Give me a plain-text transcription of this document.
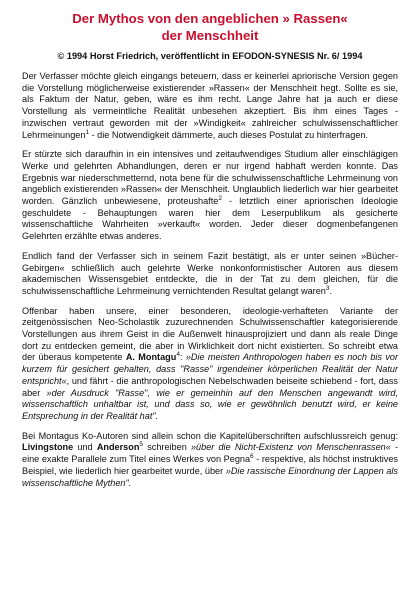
Der Mythos von den angeblichen » Rassen«
der Menschheit
© 1994 Horst Friedrich, veröffentlicht in EFODON-SYNESIS Nr. 6/ 1994

Der Verfasser möchte gleich eingangs beteuern, dass er keinerlei apriorische Version gegen die Vorstellung möglicherweise existierender »Rassen« der Menschheit hegt. Sollte es sie, als Faktum der Natur, geben, wäre es ihm recht. Lange Jahre hat ja auch er diese Vorstellung als vermeintliche Realität unbesehen akzeptiert. Bis ihm eines Tages - inzwischen vertraut geworden mit der »Windigkeit« zahlreicher schulwissenschaftlicher Lehrmeinungen$^1$ - die Notwendigkeit dämmerte, auch dieses Postulat zu hinterfragen.

Er stürzte sich daraufhin in ein intensives und zeitaufwendiges Studium aller einschlägigen Werke und gelehrten Abhandlungen, deren er nur irgend habhaft werden konnte. Das Ergebnis war niederschmetternd, nota bene für die schulwissenschaftliche Lehrmeinung von angeblich existierenden »Rassen« der Menschheit. Unglaublich liederlich war hier gearbeitet worden. Gänzlich unbewiesene, proteushafte$^2$ - letztlich einer apriorischen Ideologie geschuldete - Behauptungen waren hier dem Leserpublikum als gesicherte wissenschaftliche Wahrheiten »verkauft« worden. Jeder dieser dogmenbefangenen Gelehrten erzählte etwas anderes.

Endlich fand der Verfasser sich in seinem Fazit bestätigt, als er unter seinen »Bücher-Gebirgen« schließlich auch gelehrte Werke nonkonformistischer Autoren aus diesem akademischen Wissensgebiet entdeckte, die in der Tat zu dem gleichen, für die schulwissenschaftliche Lehrmeinung vernichtenden Resultat gelangt waren$^3$.

Offenbar haben unsere, einer besonderen, ideologie-verhafteten Variante der zeitgenössischen Neo-Scholastik zuzurechnenden Schulwissenschaftler kategorisierende Vorstellungen aus ihrem Geist in die Außenwelt hinausprojiziert und dann als reale Dinge dort zu entdecken gemeint, die aber in Wirklichkeit dort nicht existierten. So schreibt etwa der überaus kompetente A. Montagu$^4$: »Die meisten Anthropologen haben es noch bis vor kurzem für gesichert gehalten, dass "Rasse" irgendeiner körperlichen Realität der Natur entspricht«, und fährt - die anthropologischen Nebelschwaden beiseite schiebend - fort, dass aber »der Ausdruck "Rasse", wie er gemeinhin auf den Menschen angewandt wird, wissenschaftlich unhaltbar ist, und dass so, wie er gewöhnlich benutzt wird, er keine Entsprechung in der Realität hat".

Bei Montagus Ko-Autoren sind allein schon die Kapitelüberschriften aufschlussreich genug: Livingstone und Anderson$^5$ schreiben »über die Nicht-Existenz von Menschenrassen« - eine exakte Parallele zum Titel eines Werkes von Pegna$^6$ - respektive, als höchst instruktives Beispiel, wie liederlich hier gearbeitet wurde, über »Die rassische Einordnung der Lappen als wissenschaftliche Mythen".
